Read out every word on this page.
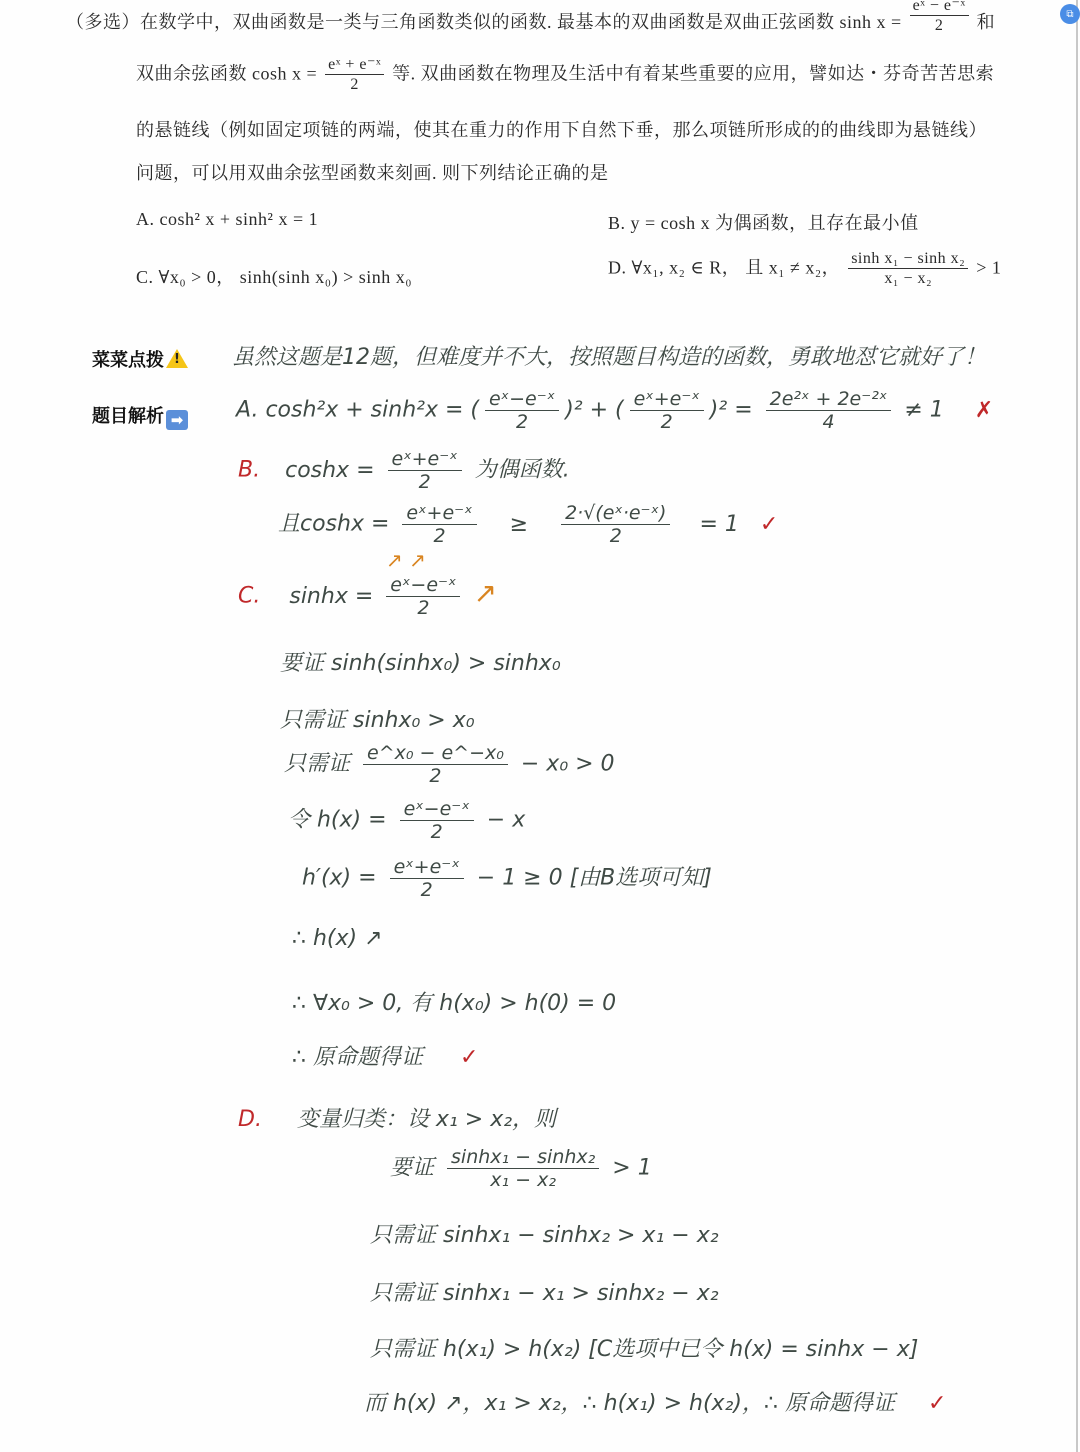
⧉
（多选）在数学中，双曲函数是一类与三角函数类似的函数. 最基本的双曲函数是双曲正弦函数 $\sinh x = \frac{\text{eˣ − e⁻ˣ}}{2}$ 和
双曲余弦函数 $\cosh x = \frac{\text{eˣ + e⁻ˣ}}{2}$ 等. 双曲函数在物理及生活中有着某些重要的应用，譬如达・芬奇苦苦思索
的悬链线（例如固定项链的两端，使其在重力的作用下自然下垂，那么项链所形成的的曲线即为悬链线）
问题，可以用双曲余弦型函数来刻画. 则下列结论正确的是
A. cosh² x + sinh² x = 1	B. y = cosh x 为偶函数，且存在最小值
C. ∀x₀ > 0， sinh(sinh x₀) > sinh x₀	D. ∀x₁, x₂ ∈ R， 且 x₁ ≠ x₂， $\frac{\text{sinh x₁ − sinh x₂}}{\text{x₁ − x₂}} > 1$
菜菜点拨!
题目解析 ➡
虽然这题是12题，但难度并不大，按照题目构造的函数，勇敢地怼它就好了！
A. cosh²x + sinh²x = ( $\frac{\text{eˣ−e⁻ˣ}}{2} )^2$ + ( $\frac{\text{eˣ+e⁻ˣ}}{2} )^2 = \frac{\text{2e²ˣ + 2e⁻²ˣ}}{4} \ne 1$ ✗
B. $\cosh x = \frac{\text{eˣ+e⁻ˣ}}{2}$ 为偶函数.
且$\cosh x = \frac{\text{eˣ+e⁻ˣ}}{2} \ge \frac{\text{2·√(eˣ·e⁻ˣ)}}{2} = 1$ ✓
↗ ↗
C. $\sinh x = \frac{\text{eˣ−e⁻ˣ}}{2}$ ↗
要证 sinh(sinhx₀) > sinhx₀
只需证 sinhx₀ > x₀
只需证 $\frac{\text{e\textasciicircum{}x₀ − e\textasciicircum{}−x₀}}{2} - x_0 > 0$
令 $h(x) = \frac{\text{eˣ−e⁻ˣ}}{2} - x$
$h'(x) = \frac{\text{eˣ+e⁻ˣ}}{2} - 1 \ge 0$ [由B选项可知]
∴ h(x) ↗
∴ ∀x₀ > 0, 有 h(x₀) > h(0) = 0
∴ 原命题得证 ✓
D. 变量归类：设 x₁ > x₂，则
要证 $\frac{\text{sinhx₁ − sinhx₂}}{\text{x₁ − x₂}} > 1$
只需证 sinhx₁ − sinhx₂ > x₁ − x₂
只需证 sinhx₁ − x₁ > sinhx₂ − x₂
只需证 h(x₁) > h(x₂) [C选项中已令 h(x) = sinhx − x]
而 h(x) ↗，x₁ > x₂，∴ h(x₁) > h(x₂)，∴ 原命题得证 ✓
